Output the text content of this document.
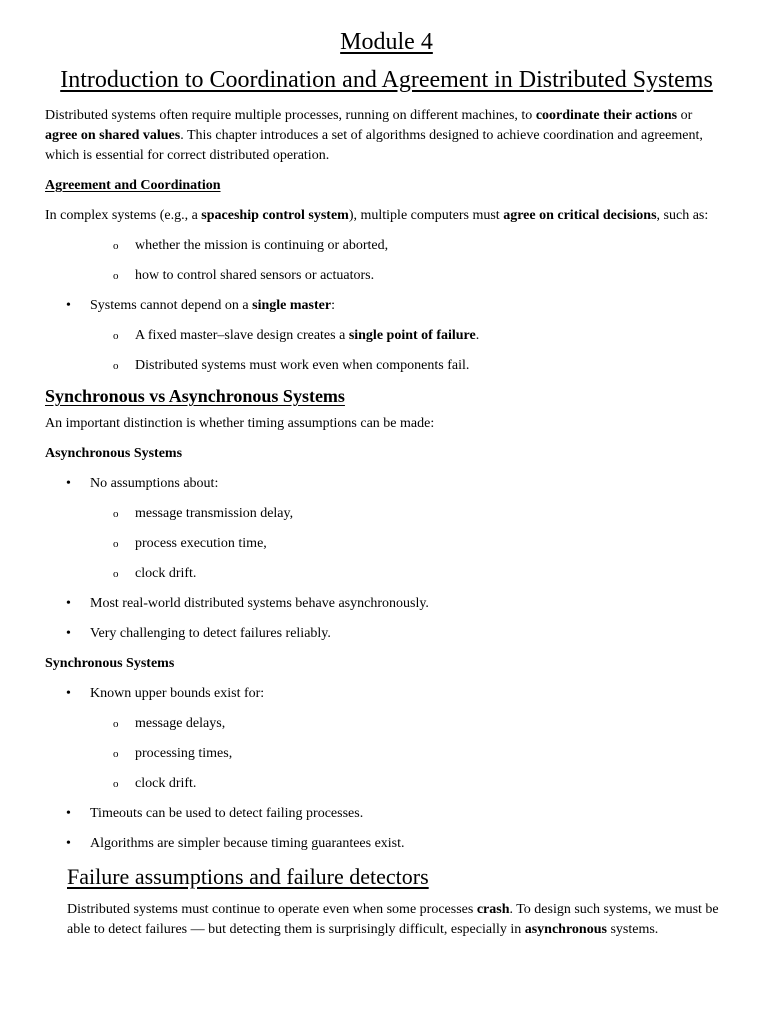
Module 4
Introduction to Coordination and Agreement in Distributed Systems

Distributed systems often require multiple processes, running on different machines, to coordinate their actions or agree on shared values. This chapter introduces a set of algorithms designed to achieve coordination and agreement, which is essential for correct distributed operation.

Agreement and Coordination

In complex systems (e.g., a spaceship control system), multiple computers must agree on critical decisions, such as:

o whether the mission is continuing or aborted,
o how to control shared sensors or actuators.
• Systems cannot depend on a single master:
o A fixed master–slave design creates a single point of failure.
o Distributed systems must work even when components fail.
Synchronous vs Asynchronous Systems

An important distinction is whether timing assumptions can be made:

Asynchronous Systems

• No assumptions about:
o message transmission delay,
o process execution time,
o clock drift.
• Most real-world distributed systems behave asynchronously.
• Very challenging to detect failures reliably.

Synchronous Systems

• Known upper bounds exist for:
o message delays,
o processing times,
o clock drift.
• Timeouts can be used to detect failing processes.
• Algorithms are simpler because timing guarantees exist.
Failure assumptions and failure detectors

Distributed systems must continue to operate even when some processes crash. To design such systems, we must be able to detect failures — but detecting them is surprisingly difficult, especially in asynchronous systems.
